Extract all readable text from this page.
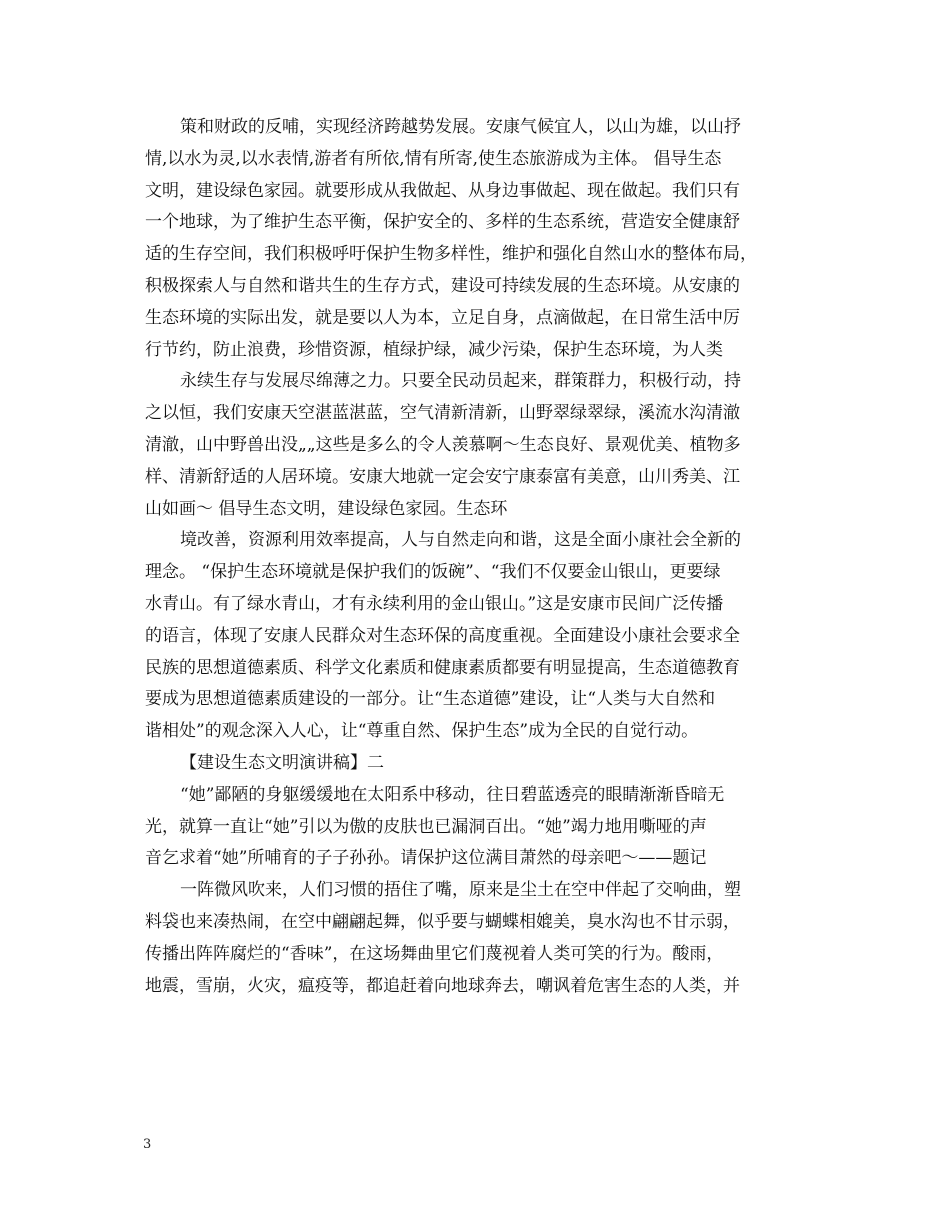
策和财政的反哺，实现经济跨越势发展。安康气候宜人，以山为雄，以山抒
情,以水为灵,以水表情,游者有所依,情有所寄,使生态旅游成为主体。 倡导生态
文明，建设绿色家园。就要形成从我做起、从身边事做起、现在做起。我们只有
一个地球，为了维护生态平衡，保护安全的、多样的生态系统，营造安全健康舒
适的生存空间，我们积极呼吁保护生物多样性，维护和强化自然山水的整体布局，
积极探索人与自然和谐共生的生存方式，建设可持续发展的生态环境。从安康的
生态环境的实际出发，就是要以人为本，立足自身，点滴做起，在日常生活中厉
行节约，防止浪费，珍惜资源，植绿护绿，减少污染，保护生态环境，为人类
永续生存与发展尽绵薄之力。只要全民动员起来，群策群力，积极行动，持
之以恒，我们安康天空湛蓝湛蓝，空气清新清新，山野翠绿翠绿，溪流水沟清澈
清澈，山中野兽出没„„这些是多么的令人羡慕啊～生态良好、景观优美、植物多
样、清新舒适的人居环境。安康大地就一定会安宁康泰富有美意，山川秀美、江
山如画～ 倡导生态文明，建设绿色家园。生态环
境改善，资源利用效率提高，人与自然走向和谐，这是全面小康社会全新的
理念。 “保护生态环境就是保护我们的饭碗”、“我们不仅要金山银山，更要绿
水青山。有了绿水青山，才有永续利用的金山银山。”这是安康市民间广泛传播
的语言，体现了安康人民群众对生态环保的高度重视。全面建设小康社会要求全
民族的思想道德素质、科学文化素质和健康素质都要有明显提高，生态道德教育
要成为思想道德素质建设的一部分。让“生态道德”建设，让“人类与大自然和
谐相处”的观念深入人心，让“尊重自然、保护生态”成为全民的自觉行动。
【建设生态文明演讲稿】二
“她”鄙陋的身躯缓缓地在太阳系中移动，往日碧蓝透亮的眼睛渐渐昏暗无
光，就算一直让“她”引以为傲的皮肤也已漏洞百出。“她”竭力地用嘶哑的声
音乞求着“她”所哺育的子子孙孙。请保护这位满目萧然的母亲吧～——题记
一阵微风吹来，人们习惯的捂住了嘴，原来是尘土在空中伴起了交响曲，塑
料袋也来凑热闹，在空中翩翩起舞，似乎要与蝴蝶相媲美，臭水沟也不甘示弱，
传播出阵阵腐烂的“香味”，在这场舞曲里它们蔑视着人类可笑的行为。酸雨，
地震，雪崩，火灾，瘟疫等，都追赶着向地球奔去，嘲讽着危害生态的人类，并
3
